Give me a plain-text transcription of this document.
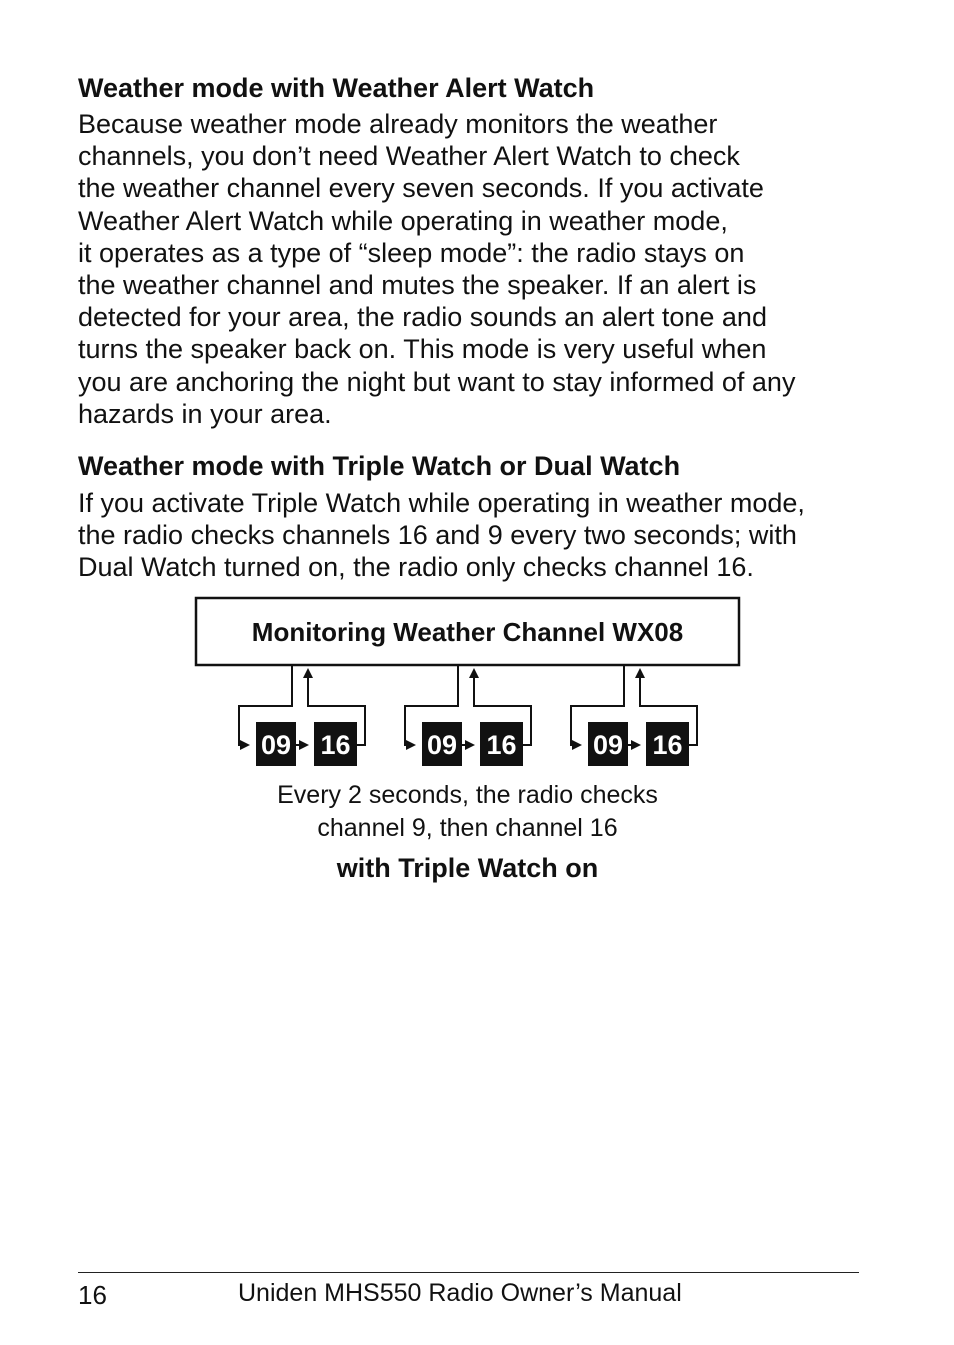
Weather mode with Weather Alert Watch

Because weather mode already monitors the weather
channels, you don’t need Weather Alert Watch to check
the weather channel every seven seconds. If you activate
Weather Alert Watch while operating in weather mode,
it operates as a type of “sleep mode”: the radio stays on
the weather channel and mutes the speaker. If an alert is
detected for your area, the radio sounds an alert tone and
turns the speaker back on. This mode is very useful when
you are anchoring the night but want to stay informed of any
hazards in your area.

Weather mode with Triple Watch or Dual Watch

If you activate Triple Watch while operating in weather mode,
the radio checks channels 16 and 9 every two seconds; with
Dual Watch turned on, the radio only checks channel 16.

Monitoring Weather Channel WX08
09 16	09 16	09 16

Every 2 seconds, the radio checks
channel 9, then channel 16

with Triple Watch on

16	Uniden MHS550 Radio Owner’s Manual
